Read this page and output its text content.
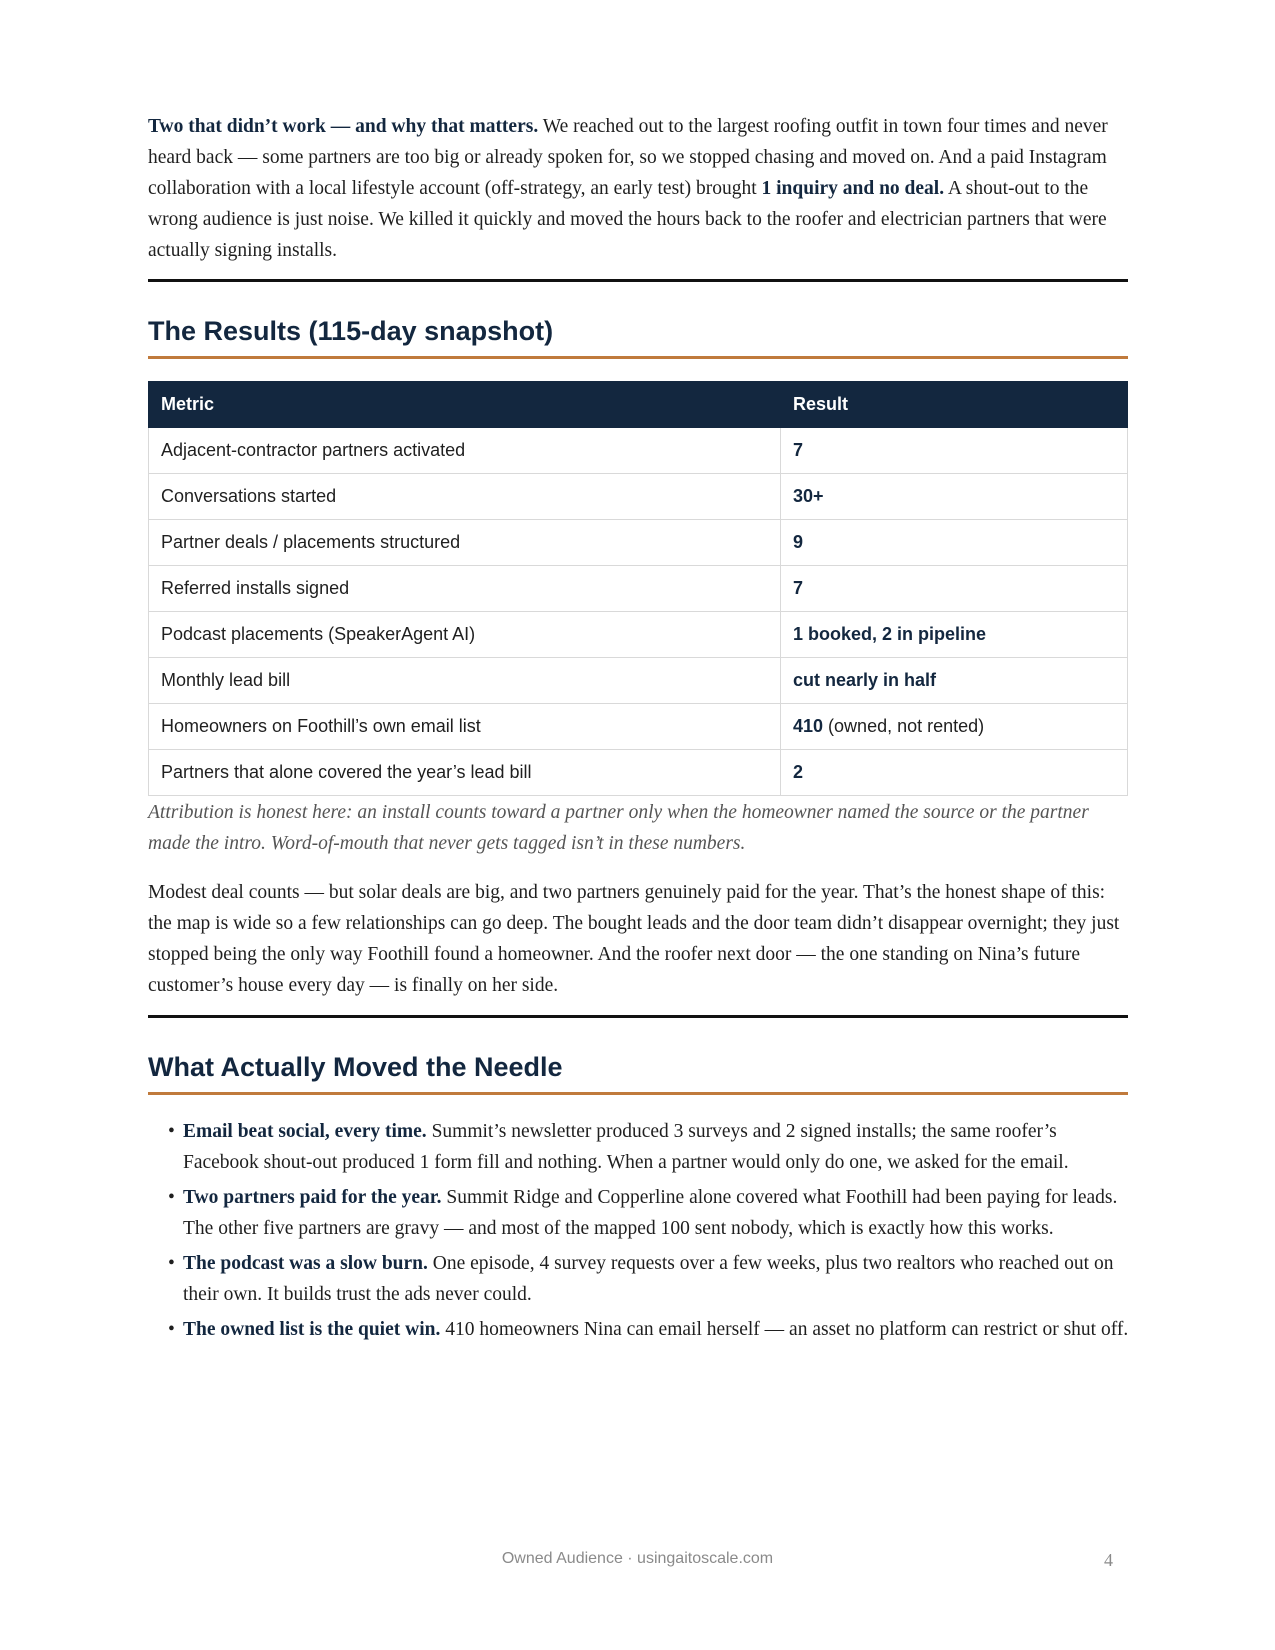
Two that didn’t work — and why that matters. We reached out to the largest roofing outfit in town four times and never heard back — some partners are too big or already spoken for, so we stopped chasing and moved on. And a paid Instagram collaboration with a local lifestyle account (off-strategy, an early test) brought 1 inquiry and no deal. A shout-out to the wrong audience is just noise. We killed it quickly and moved the hours back to the roofer and electrician partners that were actually signing installs.

The Results (115-day snapshot)
Metric	Result
Adjacent-contractor partners activated	7
Conversations started	30+
Partner deals / placements structured	9
Referred installs signed	7
Podcast placements (SpeakerAgent AI)	1 booked, 2 in pipeline
Monthly lead bill	cut nearly in half
Homeowners on Foothill’s own email list	410 (owned, not rented)
Partners that alone covered the year’s lead bill	2

Attribution is honest here: an install counts toward a partner only when the homeowner named the source or the partner made the intro. Word-of-mouth that never gets tagged isn’t in these numbers.

Modest deal counts — but solar deals are big, and two partners genuinely paid for the year. That’s the honest shape of this: the map is wide so a few relationships can go deep. The bought leads and the door team didn’t disappear overnight; they just stopped being the only way Foothill found a homeowner. And the roofer next door — the one standing on Nina’s future customer’s house every day — is finally on her side.

What Actually Moved the Needle
• Email beat social, every time. Summit’s newsletter produced 3 surveys and 2 signed installs; the same roofer’s Facebook shout-out produced 1 form fill and nothing. When a partner would only do one, we asked for the email.
• Two partners paid for the year. Summit Ridge and Copperline alone covered what Foothill had been paying for leads. The other five partners are gravy — and most of the mapped 100 sent nobody, which is exactly how this works.
• The podcast was a slow burn. One episode, 4 survey requests over a few weeks, plus two realtors who reached out on their own. It builds trust the ads never could.
• The owned list is the quiet win. 410 homeowners Nina can email herself — an asset no platform can restrict or shut off.
Owned Audience · usingaitoscale.com	4
